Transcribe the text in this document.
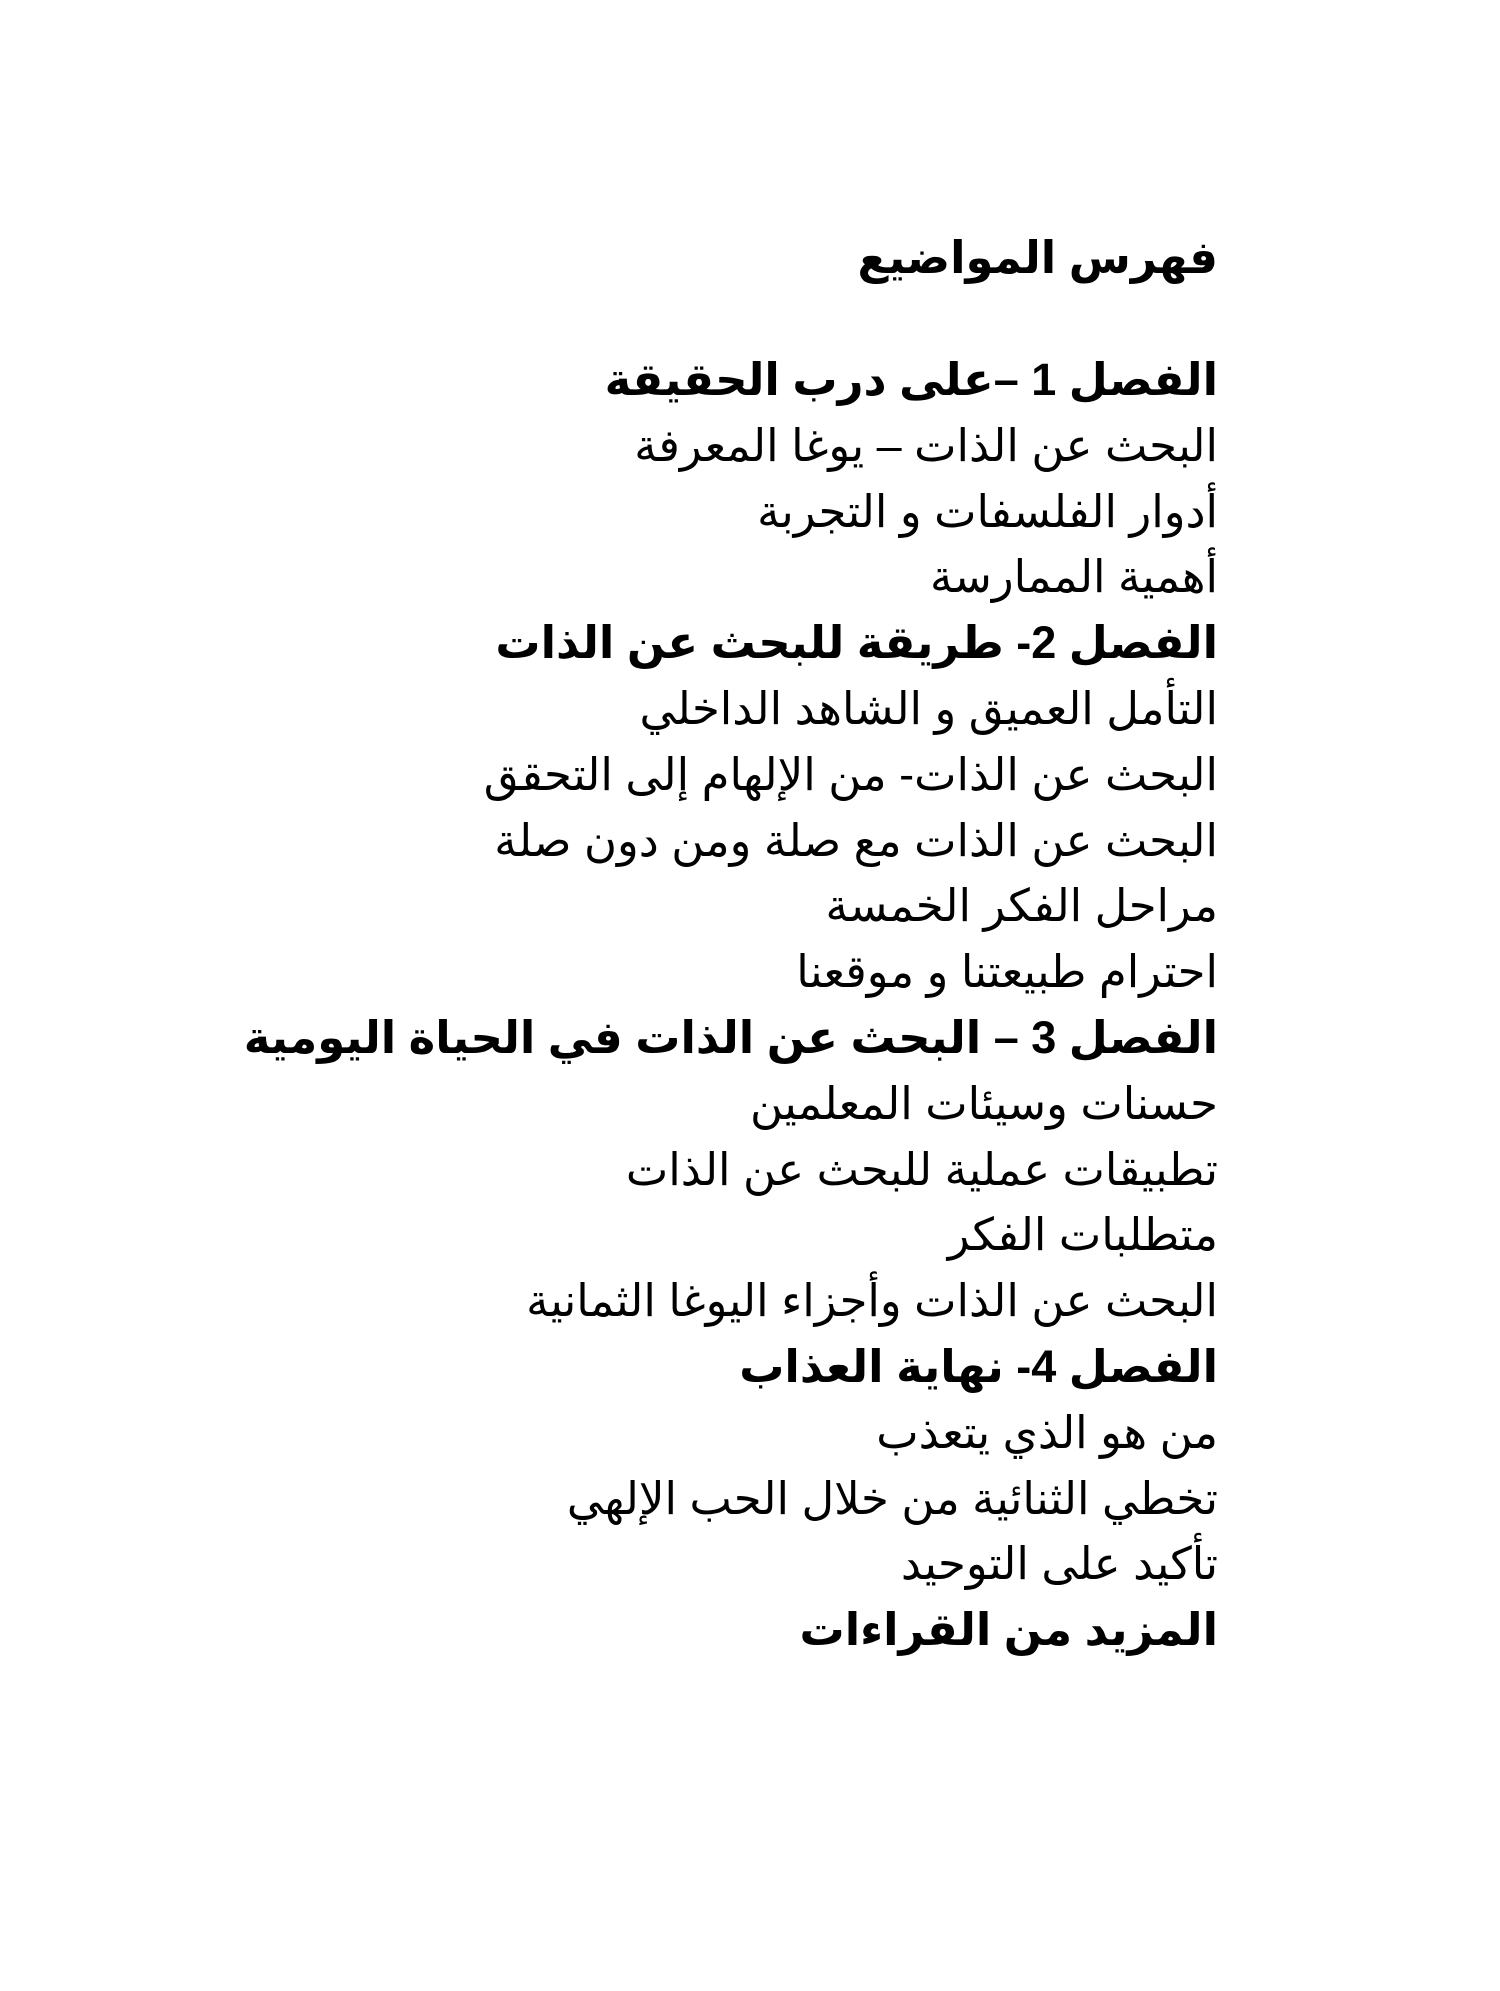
فهرس المواضيع
الفصل 1 –على درب الحقيقة
البحث عن الذات – يوغا المعرفة
أدوار الفلسفات و التجربة
أهمية الممارسة
الفصل 2- طريقة للبحث عن الذات
التأمل العميق و الشاهد الداخلي
البحث عن الذات- من الإلهام إلى التحقق
البحث عن الذات مع صلة ومن دون صلة
مراحل الفكر الخمسة
احترام طبيعتنا و موقعنا
الفصل 3 – البحث عن الذات في الحياة اليومية
حسنات وسيئات المعلمين
تطبيقات عملية للبحث عن الذات
متطلبات الفكر
البحث عن الذات وأجزاء اليوغا الثمانية
الفصل 4- نهاية العذاب
من هو الذي يتعذب
تخطي الثنائية من خلال الحب الإلهي
تأكيد على التوحيد
المزيد من القراءات
